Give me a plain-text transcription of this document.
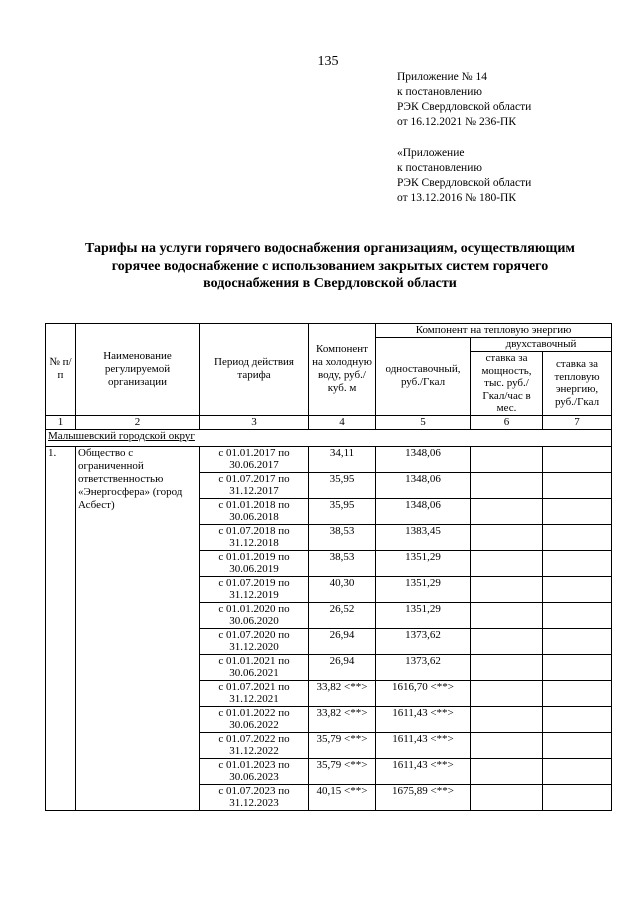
135
Приложение № 14
к постановлению
РЭК Свердловской области
от 16.12.2021 № 236-ПК
«Приложение
к постановлению
РЭК Свердловской области
от 13.12.2016 № 180-ПК
Тарифы на услуги горячего водоснабжения организациям, осуществляющим
горячее водоснабжение с использованием закрытых систем горячего
водоснабжения в Свердловской области
№ п/п	Наименование регулируемой организации	Период действия тарифа	Компонент на холодную воду, руб./куб. м	Компонент на тепловую энергию		
				одноставочный, руб./Гкал	двухставочный	
					ставка за мощность, тыс. руб./Гкал/час в мес.	ставка за тепловую энергию, руб./Гкал
1	2	3	4	5	6	7
Малышевский городской округ						
1.	Общество с ограниченной ответственностью «Энергосфера» (город Асбест)	с 01.01.2017 по 30.06.2017	34,11	1348,06		
		с 01.07.2017 по 31.12.2017	35,95	1348,06		
		с 01.01.2018 по 30.06.2018	35,95	1348,06		
		с 01.07.2018 по 31.12.2018	38,53	1383,45		
		с 01.01.2019 по 30.06.2019	38,53	1351,29		
		с 01.07.2019 по 31.12.2019	40,30	1351,29		
		с 01.01.2020 по 30.06.2020	26,52	1351,29		
		с 01.07.2020 по 31.12.2020	26,94	1373,62		
		с 01.01.2021 по 30.06.2021	26,94	1373,62		
		с 01.07.2021 по 31.12.2021	33,82 <**>	1616,70 <**>		
		с 01.01.2022 по 30.06.2022	33,82 <**>	1611,43 <**>		
		с 01.07.2022 по 31.12.2022	35,79 <**>	1611,43 <**>		
		с 01.01.2023 по 30.06.2023	35,79 <**>	1611,43 <**>		
		с 01.07.2023 по 31.12.2023	40,15 <**>	1675,89 <**>		
